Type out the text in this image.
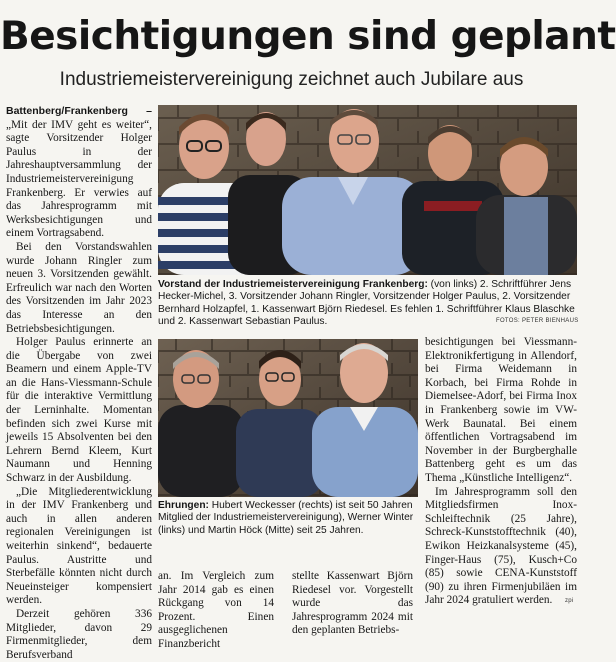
Besichtigungen sind geplant
Industriemeistervereinigung zeichnet auch Jubilare aus

Battenberg/Frankenberg – „Mit der IMV geht es weiter“, sagte Vorsitzender Holger Paulus in der Jahreshauptversammlung der Industriemeistervereinigung Frankenberg. Er verwies auf das Jahresprogramm mit Werksbesichtigungen und einem Vortragsabend.

Bei den Vorstandswahlen wurde Johann Ringler zum neuen 3. Vorsitzenden gewählt. Erfreulich war nach den Worten des Vorsitzenden im Jahr 2023 das Interesse an den Betriebsbesichtigungen.

Holger Paulus erinnerte an die Übergabe von zwei Beamern und einem Apple-TV an die Hans-Viessmann-Schule für die interaktive Vermittlung der Lerninhalte. Momentan befinden sich zwei Kurse mit jeweils 15 Absolventen bei den Lehrern Bernd Kleem, Kurt Naumann und Henning Schwarz in der Ausbildung.

„Die Mitgliederentwicklung in der IMV Frankenberg und auch in allen anderen regionalen Vereinigungen ist weiterhin sinkend“, bedauerte Paulus. Austritte und Sterbefälle könnten nicht durch Neueinsteiger kompensiert werden.

Derzeit gehören 336 Mitglieder, davon 29 Firmenmitglieder, dem Berufsverband

Vorstand der Industriemeistervereinigung Frankenberg: (von links) 2. Schriftführer Jens Hecker-Michel, 3. Vorsitzender Johann Ringler, Vorsitzender Holger Paulus, 2. Vorsitzender Bernhard Holzapfel, 1. Kassenwart Björn Riedesel. Es fehlen 1. Schriftführer Klaus Blaschke und 2. Kassenwart Sebastian Paulus.	FOTOS: PETER BIENHAUS
Ehrungen: Hubert Weckesser (rechts) ist seit 50 Jahren Mitglied der Industriemeistervereinigung), Werner Winter (links) und Martin Höck (Mitte) seit 25 Jahren.

an. Im Vergleich zum Jahr 2014 gab es einen Rückgang von 14 Prozent. Einen ausgeglichenen Finanzbericht

stellte Kassenwart Björn Riedesel vor. Vorgestellt wurde das Jahresprogramm 2024 mit den geplanten Betriebs-

besichtigungen bei Viessmann-Elektronikfertigung in Allendorf, bei Firma Weidemann in Korbach, bei Firma Rohde in Diemelsee-Adorf, bei Firma Inox in Frankenberg sowie im VW-Werk Baunatal. Bei einem öffentlichen Vortragsabend im November in der Burgberghalle Battenberg geht es um das Thema „Künstliche Intelligenz“.

Im Jahresprogramm soll den Mitgliedsfirmen Inox-Schleiftechnik (25 Jahre), Schreck-Kunststofftechnik (40), Ewikon Heizkanalsysteme (45), Finger-Haus (75), Kusch+Co (85) sowie CENA-Kunststoff (90) zu ihren Firmenjubiläen im Jahr 2024 gratuliert werden.	zpi
